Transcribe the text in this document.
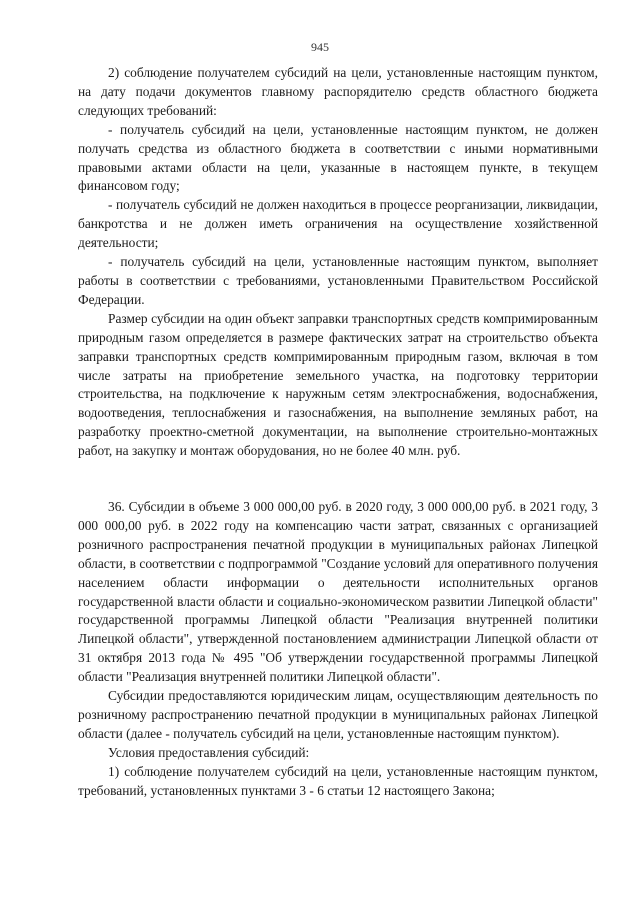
945

2) соблюдение получателем субсидий на цели, установленные настоящим пунктом, на дату подачи документов главному распорядителю средств областного бюджета следующих требований:

- получатель субсидий на цели, установленные настоящим пунктом, не должен получать средства из областного бюджета в соответствии с иными нормативными правовыми актами области на цели, указанные в настоящем пункте, в текущем финансовом году;

- получатель субсидий не должен находиться в процессе реорганизации, ликвидации, банкротства и не должен иметь ограничения на осуществление хозяйственной деятельности;

- получатель субсидий на цели, установленные настоящим пунктом, выполняет работы в соответствии с требованиями, установленными Правительством Российской Федерации.

Размер субсидии на один объект заправки транспортных средств компримированным природным газом определяется в размере фактических затрат на строительство объекта заправки транспортных средств компримированным природным газом, включая в том числе затраты на приобретение земельного участка, на подготовку территории строительства, на подключение к наружным сетям электроснабжения, водоснабжения, водоотведения, теплоснабжения и газоснабжения, на выполнение земляных работ, на разработку проектно-сметной документации, на выполнение строительно-монтажных работ, на закупку и монтаж оборудования, но не более 40 млн. руб.

36. Субсидии в объеме 3 000 000,00 руб. в 2020 году, 3 000 000,00 руб. в 2021 году, 3 000 000,00 руб. в 2022 году на компенсацию части затрат, связанных с организацией розничного распространения печатной продукции в муниципальных районах Липецкой области, в соответствии с подпрограммой "Создание условий для оперативного получения населением области информации о деятельности исполнительных органов государственной власти области и социально-экономическом развитии Липецкой области" государственной программы Липецкой области "Реализация внутренней политики Липецкой области", утвержденной постановлением администрации Липецкой области от 31 октября 2013 года № 495 "Об утверждении государственной программы Липецкой области "Реализация внутренней политики Липецкой области".

Субсидии предоставляются юридическим лицам, осуществляющим деятельность по розничному распространению печатной продукции в муниципальных районах Липецкой области (далее - получатель субсидий на цели, установленные настоящим пунктом).

Условия предоставления субсидий:

1) соблюдение получателем субсидий на цели, установленные настоящим пунктом, требований, установленных пунктами 3 - 6 статьи 12 настоящего Закона;
